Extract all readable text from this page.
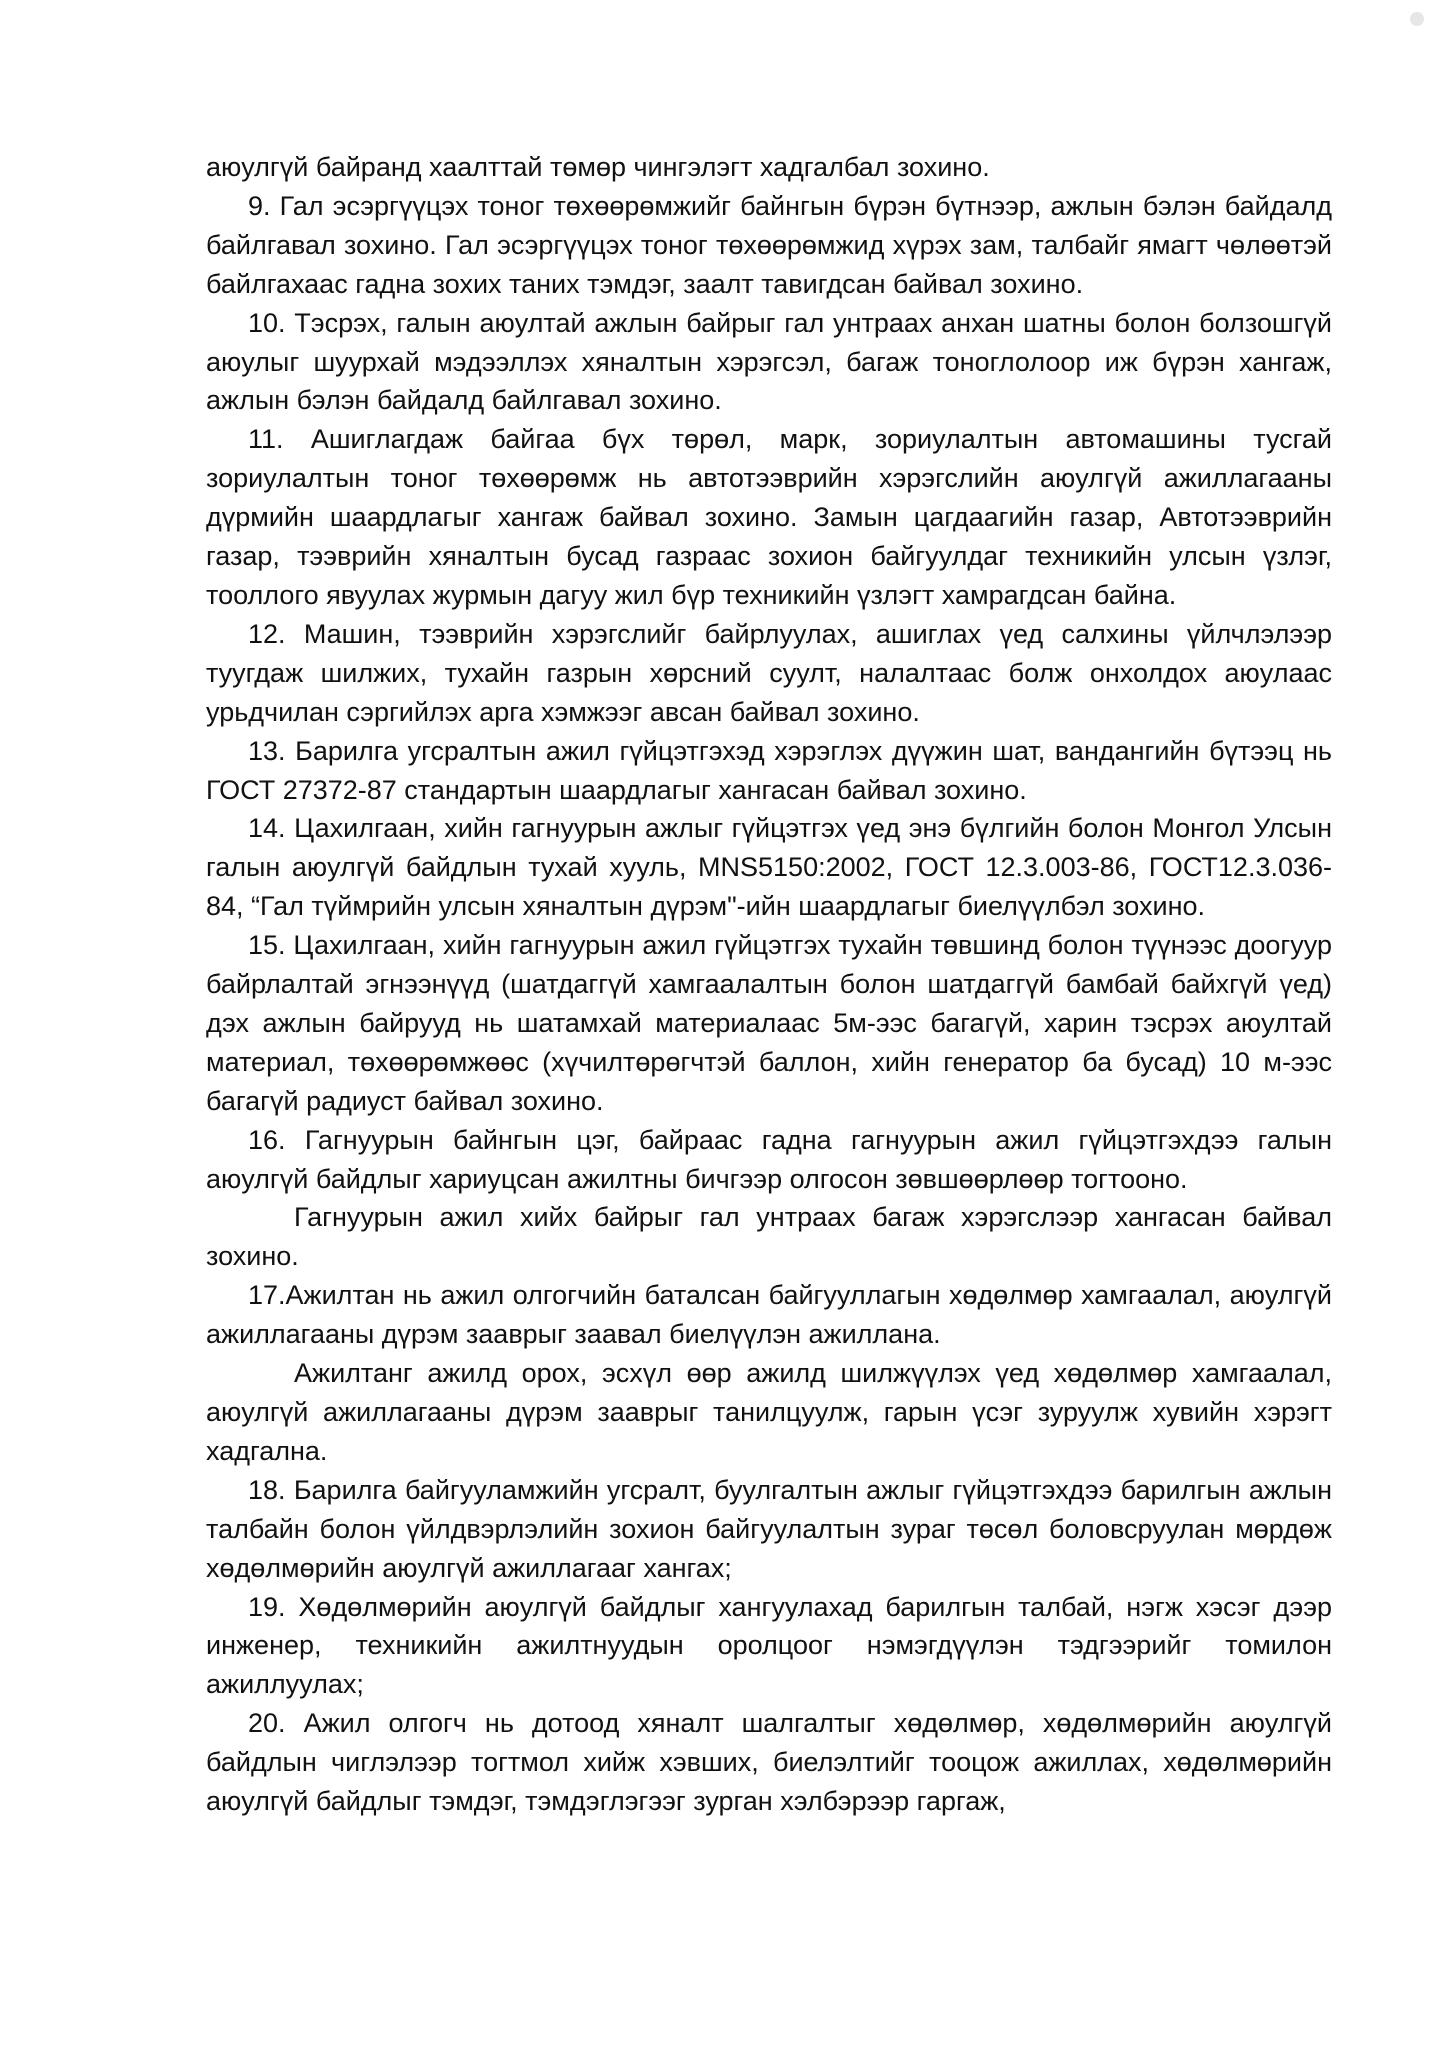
аюулгүй байранд хаалттай төмөр чингэлэгт хадгалбал зохино.

9. Гал эсэргүүцэх тоног төхөөрөмжийг байнгын бүрэн бүтнээр, ажлын бэлэн байдалд байлгавал зохино. Гал эсэргүүцэх тоног төхөөрөмжид хүрэх зам, талбайг ямагт чөлөөтэй байлгахаас гадна зохих таних тэмдэг, заалт тавигдсан байвал зохино.

10. Тэсрэх, галын аюултай ажлын байрыг гал унтраах анхан шатны болон болзошгүй аюулыг шуурхай мэдээллэх хяналтын хэрэгсэл, багаж тоноглолоор иж бүрэн хангаж, ажлын бэлэн байдалд байлгавал зохино.

11. Ашиглагдаж байгаа бүх төрөл, марк, зориулалтын автомашины тусгай зориулалтын тоног төхөөрөмж нь автотээврийн хэрэгслийн аюулгүй ажиллагааны дүрмийн шаардлагыг хангаж байвал зохино. Замын цагдаагийн газар, Автотээврийн газар, тээврийн хяналтын бусад газраас зохион байгуулдаг техникийн улсын үзлэг, тооллого явуулах журмын дагуу жил бүр техникийн үзлэгт хамрагдсан байна.

12. Машин, тээврийн хэрэгслийг байрлуулах, ашиглах үед салхины үйлчлэлээр туугдаж шилжих, тухайн газрын хөрсний суулт, налалтаас болж онхолдох аюулаас урьдчилан сэргийлэх арга хэмжээг авсан байвал зохино.

13. Барилга угсралтын ажил гүйцэтгэхэд хэрэглэх дүүжин шат, вандангийн бүтээц нь ГОСТ 27372-87 стандартын шаардлагыг хангасан байвал зохино.

14. Цахилгаан, хийн гагнуурын ажлыг гүйцэтгэх үед энэ бүлгийн болон Монгол Улсын галын аюулгүй байдлын тухай хууль, MNS5150:2002, ГОСТ 12.3.003-86, ГОСТ12.3.036-84, “Гал түймрийн улсын хяналтын дүрэм"-ийн шаардлагыг биелүүлбэл зохино.

15. Цахилгаан, хийн гагнуурын ажил гүйцэтгэх тухайн төвшинд болон түүнээс доогуур байрлалтай эгнээнүүд (шатдаггүй хамгаалалтын болон шатдаггүй бамбай байхгүй үед) дэх ажлын байрууд нь шатамхай материалаас 5м-ээс багагүй, харин тэсрэх аюултай материал, төхөөрөмжөөс (хүчилтөрөгчтэй баллон, хийн генератор ба бусад) 10 м-ээс багагүй радиуст байвал зохино.

16. Гагнуурын байнгын цэг, байраас гадна гагнуурын ажил гүйцэтгэхдээ галын аюулгүй байдлыг хариуцсан ажилтны бичгээр олгосон зөвшөөрлөөр тогтооно.

Гагнуурын ажил хийх байрыг гал унтраах багаж хэрэгслээр хангасан байвал зохино.

17.Ажилтан нь ажил олгогчийн баталсан байгууллагын хөдөлмөр хамгаалал, аюулгүй ажиллагааны дүрэм зааврыг заавал биелүүлэн ажиллана.

Ажилтанг ажилд орох, эсхүл өөр ажилд шилжүүлэх үед хөдөлмөр хамгаалал, аюулгүй ажиллагааны дүрэм зааврыг танилцуулж, гарын үсэг зуруулж хувийн хэрэгт хадгална.

18. Барилга байгууламжийн угсралт, буулгалтын ажлыг гүйцэтгэхдээ барилгын ажлын талбайн болон үйлдвэрлэлийн зохион байгуулалтын зураг төсөл боловсруулан мөрдөж хөдөлмөрийн аюулгүй ажиллагааг хангах;

19. Хөдөлмөрийн аюулгүй байдлыг хангуулахад барилгын талбай, нэгж хэсэг дээр инженер, техникийн ажилтнуудын оролцоог нэмэгдүүлэн тэдгээрийг томилон ажиллуулах;

20. Ажил олгогч нь дотоод хяналт шалгалтыг хөдөлмөр, хөдөлмөрийн аюулгүй байдлын чиглэлээр тогтмол хийж хэвших, биелэлтийг тооцож ажиллах, хөдөлмөрийн аюулгүй байдлыг тэмдэг, тэмдэглэгээг зурган хэлбэрээр гаргаж,
